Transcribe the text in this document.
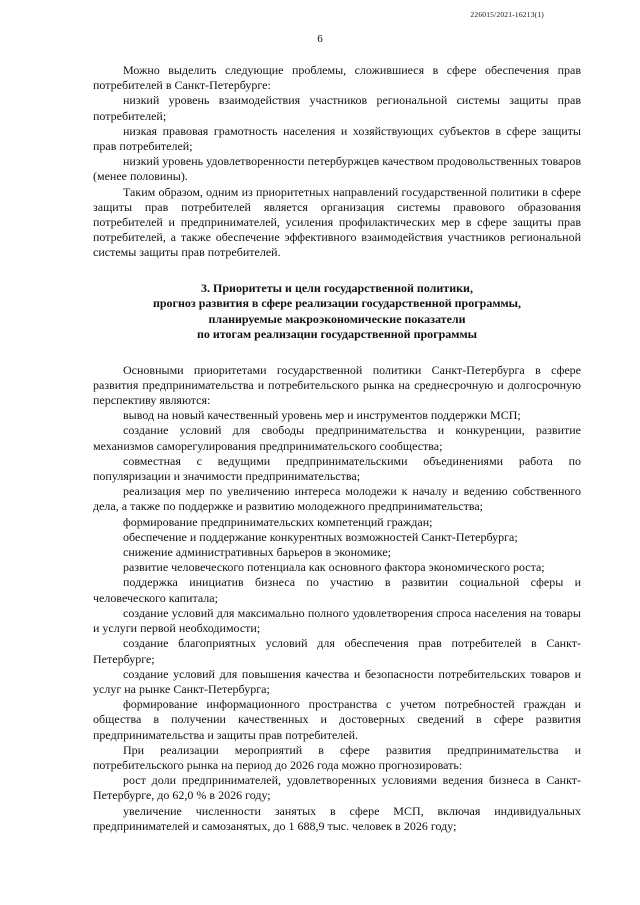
226015/2021-16213(1)
6

Можно выделить следующие проблемы, сложившиеся в сфере обеспечения прав потребителей в Санкт-Петербурге:

низкий уровень взаимодействия участников региональной системы защиты прав потребителей;

низкая правовая грамотность населения и хозяйствующих субъектов в сфере защиты прав потребителей;

низкий уровень удовлетворенности петербуржцев качеством продовольственных товаров (менее половины).

Таким образом, одним из приоритетных направлений государственной политики в сфере защиты прав потребителей является организация системы правового образования потребителей и предпринимателей, усиления профилактических мер в сфере защиты прав потребителей, а также обеспечение эффективного взаимодействия участников региональной системы защиты прав потребителей.

3. Приоритеты и цели государственной политики,
прогноз развития в сфере реализации государственной программы,
планируемые макроэкономические показатели
по итогам реализации государственной программы

Основными приоритетами государственной политики Санкт-Петербурга в сфере развития предпринимательства и потребительского рынка на среднесрочную и долгосрочную перспективу являются:

вывод на новый качественный уровень мер и инструментов поддержки МСП;

создание условий для свободы предпринимательства и конкуренции, развитие механизмов саморегулирования предпринимательского сообщества;

совместная с ведущими предпринимательскими объединениями работа по популяризации и значимости предпринимательства;

реализация мер по увеличению интереса молодежи к началу и ведению собственного дела, а также по поддержке и развитию молодежного предпринимательства;

формирование предпринимательских компетенций граждан;

обеспечение и поддержание конкурентных возможностей Санкт-Петербурга;

снижение административных барьеров в экономике;

развитие человеческого потенциала как основного фактора экономического роста;

поддержка инициатив бизнеса по участию в развитии социальной сферы и человеческого капитала;

создание условий для максимально полного удовлетворения спроса населения на товары и услуги первой необходимости;

создание благоприятных условий для обеспечения прав потребителей в Санкт-Петербурге;

создание условий для повышения качества и безопасности потребительских товаров и услуг на рынке Санкт-Петербурга;

формирование информационного пространства с учетом потребностей граждан и общества в получении качественных и достоверных сведений в сфере развития предпринимательства и защиты прав потребителей.

При реализации мероприятий в сфере развития предпринимательства и потребительского рынка на период до 2026 года можно прогнозировать:

рост доли предпринимателей, удовлетворенных условиями ведения бизнеса в Санкт-Петербурге, до 62,0 % в 2026 году;

увеличение численности занятых в сфере МСП, включая индивидуальных предпринимателей и самозанятых, до 1 688,9 тыс. человек в 2026 году;
